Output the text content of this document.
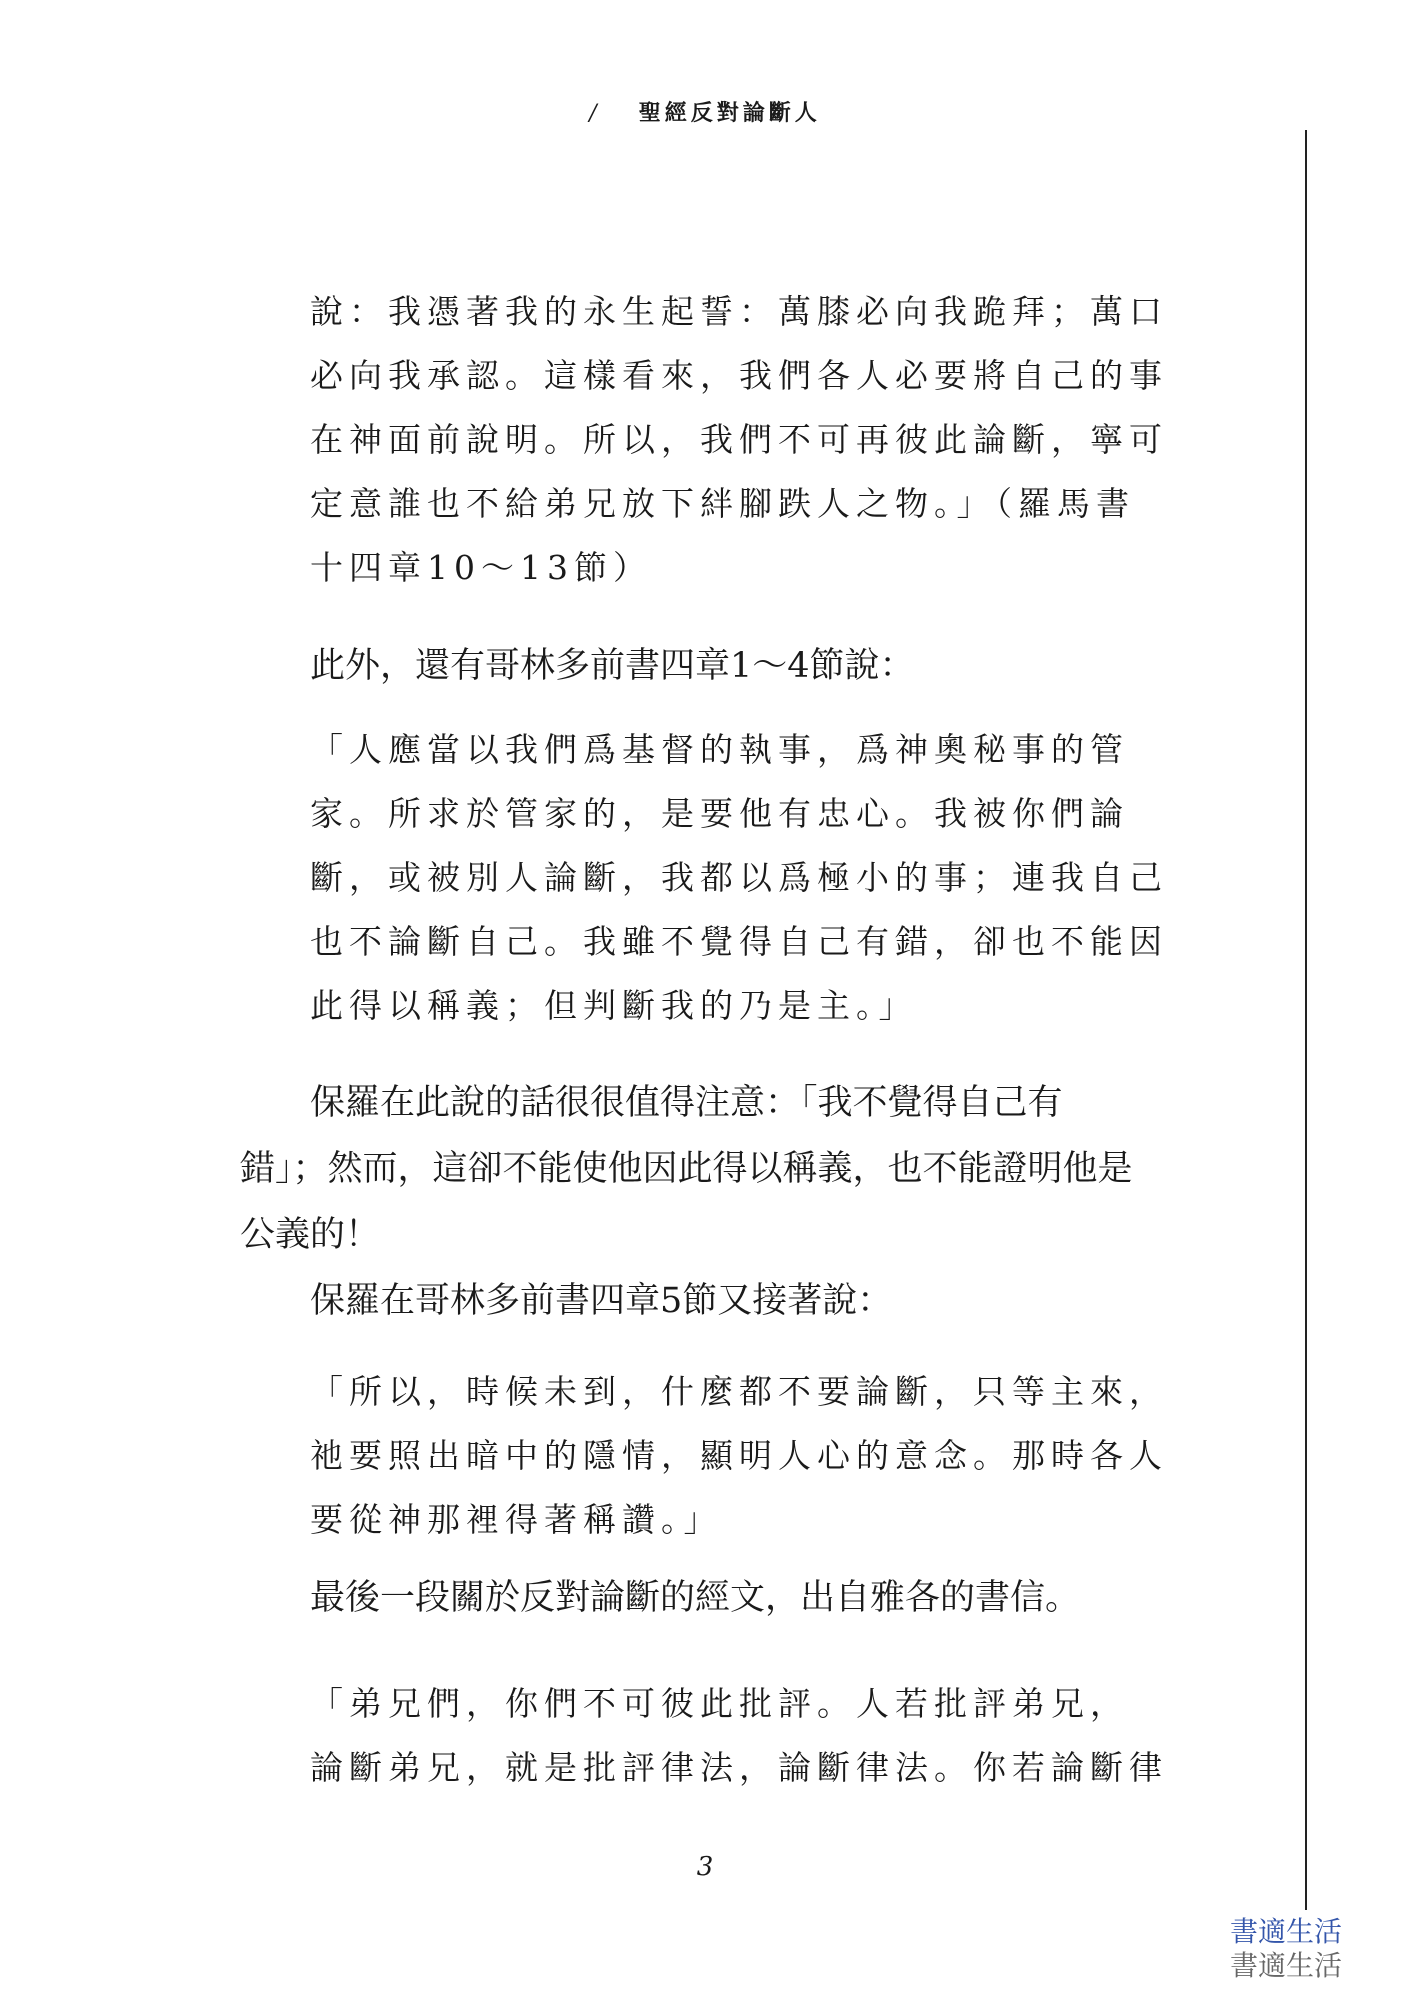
/ 聖經反對論斷人
說：我憑著我的永生起誓：萬膝必向我跪拜；萬口
必向我承認。這樣看來，我們各人必要將自己的事
在神面前說明。所以，我們不可再彼此論斷，寧可
定意誰也不給弟兄放下絆腳跌人之物。」（羅馬書
十四章10～13節）
此外，還有哥林多前書四章1～4節說：
「人應當以我們爲基督的執事，爲神奧秘事的管
家。所求於管家的，是要他有忠心。我被你們論
斷，或被別人論斷，我都以爲極小的事；連我自己
也不論斷自己。我雖不覺得自己有錯，卻也不能因
此得以稱義；但判斷我的乃是主。」
保羅在此說的話很很值得注意：「我不覺得自己有
錯」；然而，這卻不能使他因此得以稱義，也不能證明他是
公義的！
保羅在哥林多前書四章5節又接著說：
「所以，時候未到，什麼都不要論斷，只等主來，
祂要照出暗中的隱情，顯明人心的意念。那時各人
要從神那裡得著稱讚。」
最後一段關於反對論斷的經文，出自雅各的書信。
「弟兄們，你們不可彼此批評。人若批評弟兄，
論斷弟兄，就是批評律法，論斷律法。你若論斷律
3
書適生活
書適生活
